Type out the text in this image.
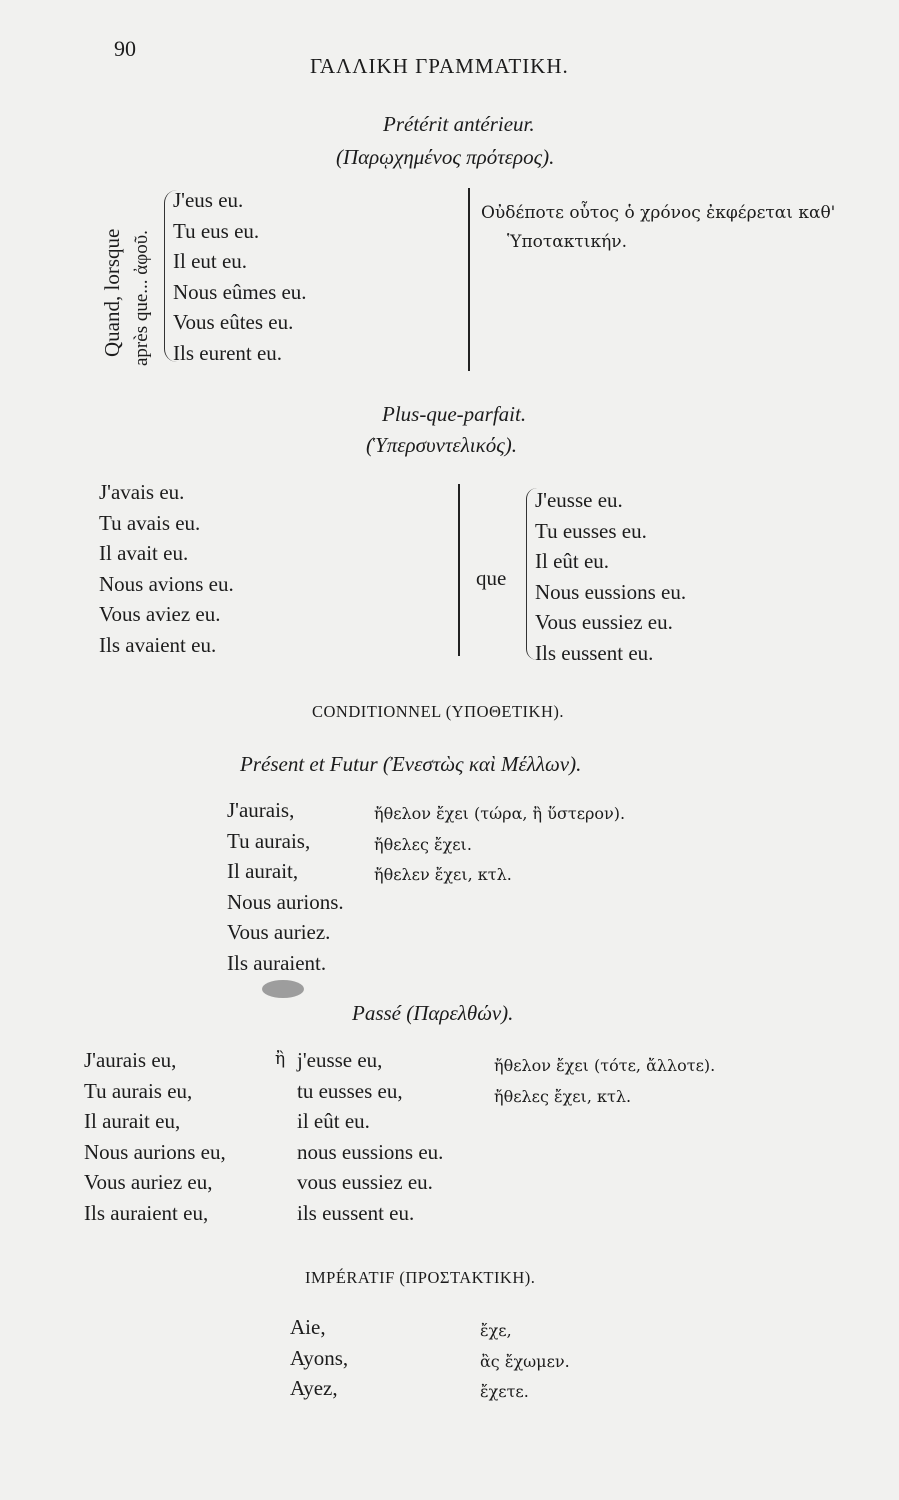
90
ΓΑΛΛΙΚΗ ΓΡΑΜΜΑΤΙΚΗ.
Prétérit antérieur.
(Παρῳχημένος πρότερος).
Quand, lorsque après que... ἀφοῦ.
J'eus eu.
Tu eus eu.
Il eut eu.
Nous eûmes eu.
Vous eûtes eu.
Ils eurent eu.
Οὐδέποτε οὗτος ὁ χρόνος ἐκφέρεται καθ'
Ὑποτακτικήν.
Plus-que-parfait.
(Ὑπερσυντελικός).
J'avais eu.
Tu avais eu.
Il avait eu.
Nous avions eu.
Vous aviez eu.
Ils avaient eu.
que
J'eusse eu.
Tu eusses eu.
Il eût eu.
Nous eussions eu.
Vous eussiez eu.
Ils eussent eu.
CONDITIONNEL (ΥΠΟΘΕΤΙΚΗ).
Présent et Futur (Ἐνεστὼς καὶ Μέλλων).
J'aurais,
Tu aurais,
Il aurait,
Nous aurions.
Vous auriez.
Ils auraient.
ἤθελον ἔχει (τώρα, ἢ ὕστερον).
ἤθελες ἔχει.
ἤθελεν ἔχει, κτλ.
Passé (Παρελθών).
J'aurais eu,
Tu aurais eu,
Il aurait eu,
Nous aurions eu,
Vous auriez eu,
Ils auraient eu,
ἢ j'eusse eu,
tu eusses eu,
il eût eu.
nous eussions eu.
vous eussiez eu.
ils eussent eu.
ἤθελον ἔχει (τότε, ἄλλοτε).
ἤθελες ἔχει, κτλ.
IMPÉRATIF (ΠΡΟΣΤΑΚΤΙΚΗ).
Aie,
Ayons,
Ayez,
ἔχε,
ἂς ἔχωμεν.
ἔχετε.
